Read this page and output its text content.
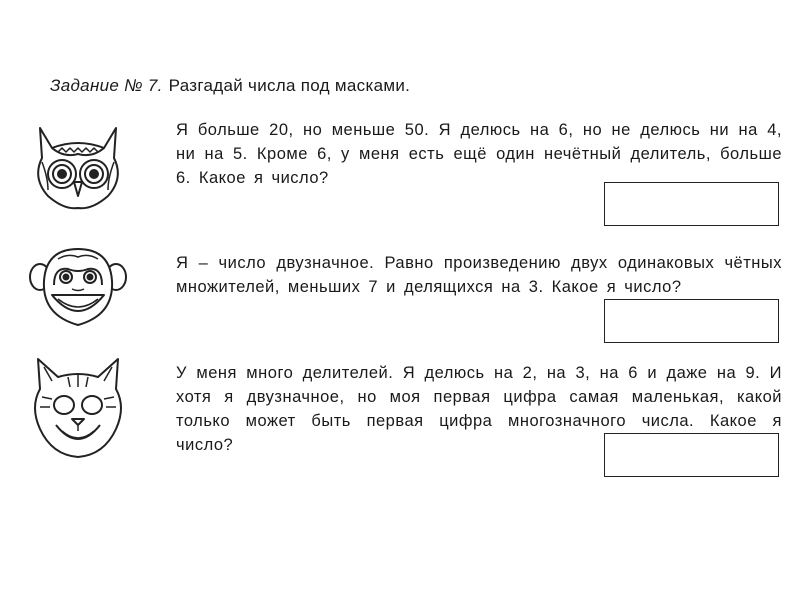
Задание № 7. Разгадай числа под масками.

Я больше 20, но меньше 50. Я делюсь на 6, но не делюсь ни на 4, ни на 5. Кроме 6, у меня есть ещё один нечётный делитель, больше 6. Какое я число?

Я – число двузначное. Равно произведению двух одинаковых чётных множителей, меньших 7 и делящихся на 3. Какое я число?

У меня много делителей. Я делюсь на 2, на 3, на 6 и даже на 9. И хотя я двузначное, но моя первая цифра самая маленькая, какой только может быть первая цифра многозначного числа. Какое я число?
